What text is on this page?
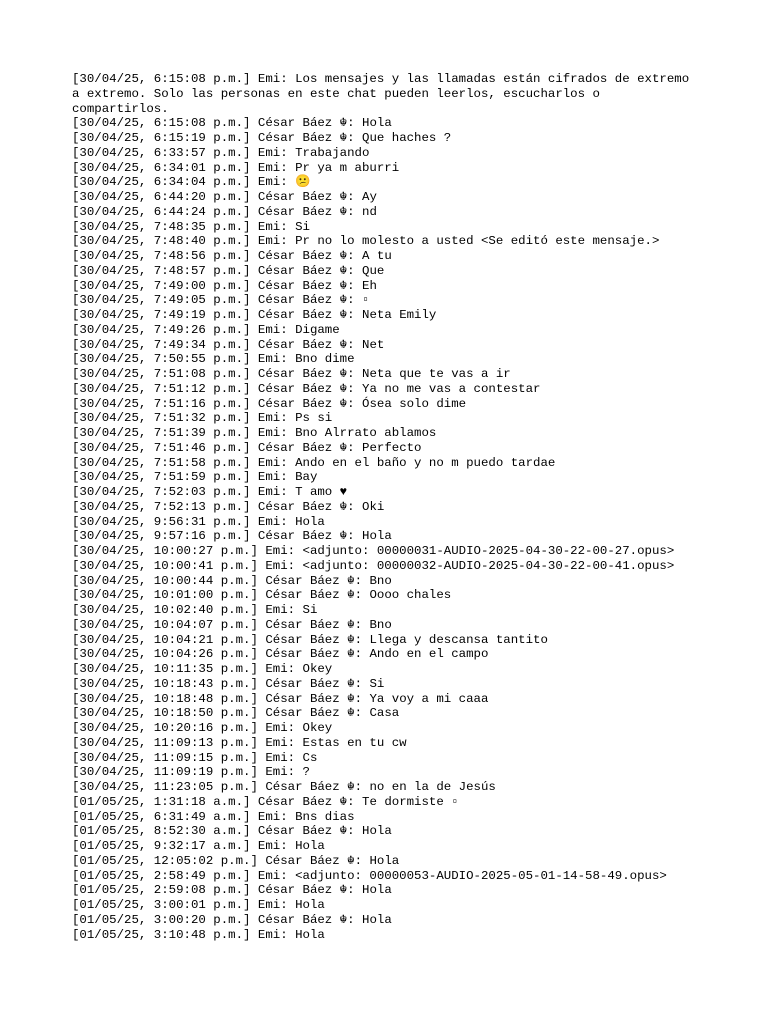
[30/04/25, 6:15:08 p.m.] Emi: Los mensajes y las llamadas están cifrados de extremo a extremo. Solo las personas en este chat pueden leerlos, escucharlos o compartirlos.
[30/04/25, 6:15:08 p.m.] César Báez ☬: Hola
[30/04/25, 6:15:19 p.m.] César Báez ☬: Que haches ?
[30/04/25, 6:33:57 p.m.] Emi: Trabajando
[30/04/25, 6:34:01 p.m.] Emi: Pr ya m aburri
[30/04/25, 6:34:04 p.m.] Emi: 😕
[30/04/25, 6:44:20 p.m.] César Báez ☬: Ay
[30/04/25, 6:44:24 p.m.] César Báez ☬: nd
[30/04/25, 7:48:35 p.m.] Emi: Si
[30/04/25, 7:48:40 p.m.] Emi: Pr no lo molesto a usted <Se editó este mensaje.>
[30/04/25, 7:48:56 p.m.] César Báez ☬: A tu
[30/04/25, 7:48:57 p.m.] César Báez ☬: Que
[30/04/25, 7:49:00 p.m.] César Báez ☬: Eh
[30/04/25, 7:49:05 p.m.] César Báez ☬: ▫
[30/04/25, 7:49:19 p.m.] César Báez ☬: Neta Emily
[30/04/25, 7:49:26 p.m.] Emi: Digame
[30/04/25, 7:49:34 p.m.] César Báez ☬: Net
[30/04/25, 7:50:55 p.m.] Emi: Bno dime
[30/04/25, 7:51:08 p.m.] César Báez ☬: Neta que te vas a ir
[30/04/25, 7:51:12 p.m.] César Báez ☬: Ya no me vas a contestar
[30/04/25, 7:51:16 p.m.] César Báez ☬: Ósea solo dime
[30/04/25, 7:51:32 p.m.] Emi: Ps si
[30/04/25, 7:51:39 p.m.] Emi: Bno Alrrato ablamos
[30/04/25, 7:51:46 p.m.] César Báez ☬: Perfecto
[30/04/25, 7:51:58 p.m.] Emi: Ando en el baño y no m puedo tardae
[30/04/25, 7:51:59 p.m.] Emi: Bay
[30/04/25, 7:52:03 p.m.] Emi: T amo ♥
[30/04/25, 7:52:13 p.m.] César Báez ☬: Oki
[30/04/25, 9:56:31 p.m.] Emi: Hola
[30/04/25, 9:57:16 p.m.] César Báez ☬: Hola
[30/04/25, 10:00:27 p.m.] Emi: <adjunto: 00000031-AUDIO-2025-04-30-22-00-27.opus>
[30/04/25, 10:00:41 p.m.] Emi: <adjunto: 00000032-AUDIO-2025-04-30-22-00-41.opus>
[30/04/25, 10:00:44 p.m.] César Báez ☬: Bno
[30/04/25, 10:01:00 p.m.] César Báez ☬: Oooo chales
[30/04/25, 10:02:40 p.m.] Emi: Si
[30/04/25, 10:04:07 p.m.] César Báez ☬: Bno
[30/04/25, 10:04:21 p.m.] César Báez ☬: Llega y descansa tantito
[30/04/25, 10:04:26 p.m.] César Báez ☬: Ando en el campo
[30/04/25, 10:11:35 p.m.] Emi: Okey
[30/04/25, 10:18:43 p.m.] César Báez ☬: Si
[30/04/25, 10:18:48 p.m.] César Báez ☬: Ya voy a mi caaa
[30/04/25, 10:18:50 p.m.] César Báez ☬: Casa
[30/04/25, 10:20:16 p.m.] Emi: Okey
[30/04/25, 11:09:13 p.m.] Emi: Estas en tu cw
[30/04/25, 11:09:15 p.m.] Emi: Cs
[30/04/25, 11:09:19 p.m.] Emi: ?
[30/04/25, 11:23:05 p.m.] César Báez ☬: no en la de Jesús
[01/05/25, 1:31:18 a.m.] César Báez ☬: Te dormiste ▫
[01/05/25, 6:31:49 a.m.] Emi: Bns dias
[01/05/25, 8:52:30 a.m.] César Báez ☬: Hola
[01/05/25, 9:32:17 a.m.] Emi: Hola
[01/05/25, 12:05:02 p.m.] César Báez ☬: Hola
[01/05/25, 2:58:49 p.m.] Emi: <adjunto: 00000053-AUDIO-2025-05-01-14-58-49.opus>
[01/05/25, 2:59:08 p.m.] César Báez ☬: Hola
[01/05/25, 3:00:01 p.m.] Emi: Hola
[01/05/25, 3:00:20 p.m.] César Báez ☬: Hola
[01/05/25, 3:10:48 p.m.] Emi: Hola
